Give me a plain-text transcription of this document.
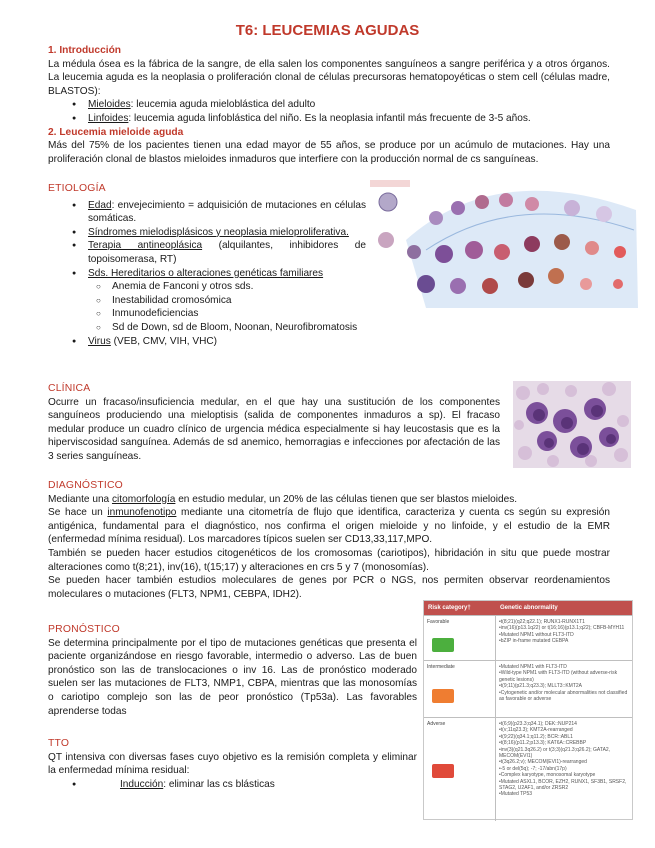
T6: LEUCEMIAS AGUDAS
1. Introducción
La médula ósea es la fábrica de la sangre, de ella salen los componentes sanguíneos a sangre periférica y a otros órganos. La leucemia aguda es la neoplasia o proliferación clonal de células precursoras hematopoyéticas o stem cell (células madre, BLASTOS):
● Mieloides: leucemia aguda mieloblástica del adulto
● Linfoides: leucemia aguda linfoblástica del niño. Es la neoplasia infantil más frecuente de 3-5 años.
2. Leucemia mieloide aguda
Más del 75% de los pacientes tienen una edad mayor de 55 años, se produce por un acúmulo de mutaciones. Hay una proliferación clonal de blastos mieloides inmaduros que interfiere con la producción normal de cs sanguíneas.
ETIOLOGÍA
● Edad: envejecimiento = adquisición de mutaciones en células somáticas.
● Síndromes mielodisplásicos y neoplasia mieloproliferativa.
● Terapia antineoplásica (alquilantes, inhibidores de topoisomerasa, RT)
● Sds. Hereditarios o alteraciones genéticas familiares
○ Anemia de Fanconi y otros sds.
○ Inestabilidad cromosómica
○ Inmunodeficiencias
○ Sd de Down, sd de Bloom, Noonan, Neurofibromatosis
● Virus (VEB, CMV, VIH, VHC)
CLÍNICA
Ocurre un fracaso/insuficiencia medular, en el que hay una sustitución de los componentes sanguíneos produciendo una mieloptisis (salida de componentes inmaduros a sp). El fracaso medular produce un cuadro clínico de urgencia médica especialmente si hay leucostasis que es la hiperviscosidad sanguínea. Además de sd anemico, hemorragias e infecciones por afectación de las 3 series sanguíneas.
DIAGNÓSTICO
Mediante una citomorfología en estudio medular, un 20% de las células tienen que ser blastos mieloides.
Se hace un inmunofenotipo mediante una citometría de flujo que identifica, caracteriza y cuenta cs según su expresión antigénica, fundamental para el diagnóstico, nos confirma el origen mieloide y no linfoide, y el estudio de la EMR (enfermedad mínima residual). Los marcadores típicos suelen ser CD13,33,117,MPO.
También se pueden hacer estudios citogenéticos de los cromosomas (cariotipos), hibridación in situ que puede mostrar alteraciones como t(8;21), inv(16), t(15;17) y alteraciones en crs 5 y 7 (monosomías).
Se pueden hacer también estudios moleculares de genes por PCR o NGS, nos permiten observar reordenamientos moleculares o mutaciones (FLT3, NPM1, CEBPA, IDH2).
PRONÓSTICO
Se determina principalmente por el tipo de mutaciones genéticas que presenta el paciente organizándose en riesgo favorable, intermedio o adverso. Las de buen pronóstico son las de translocaciones o inv 16. Las de pronóstico moderado suelen ser las mutaciones de FLT3, NMP1, CBPA, mientras que las monosomías o cariotipo complejo son las de peor pronóstico (Tp53a). Las favorables aprenderse todas
TTO
QT intensiva con diversas fases cuyo objetivo es la remisión completa y eliminar la enfermedad mínima residual:
● Inducción: eliminar las cs blásticas
Risk category†	Genetic abnormality
Favorable	• t(8;21)(q22;q22.1); RUNX1-RUNX1T1
• inv(16)(p13.1q22) or t(16;16)(p13.1;q22); CBFB-MYH11
• Mutated NPM1 without FLT3-ITD
• bZIP in-frame mutated CEBPA
Intermediate	• Mutated NPM1 with FLT3-ITD
• Wild-type NPM1 with FLT3-ITD (without adverse-risk genetic lesions)
• t(9;11)(p21.3;q23.3); MLLT3::KMT2A
• Cytogenetic and/or molecular abnormalities not classified as favorable or adverse
Adverse	• t(6;9)(p23.3;q34.1); DEK::NUP214
• t(v;11q23.3); KMT2A-rearranged
• t(9;22)(q34.1;q11.2); BCR::ABL1
• t(8;16)(p11.2;p13.3); KAT6A::CREBBP
• inv(3)(q21.3q26.2) or t(3;3)(q21.3;q26.2); GATA2, MECOM(EVI1)
• t(3q26.2;v); MECOM(EVI1)-rearranged
• -5 or del(5q); -7; -17/abn(17p)
• Complex karyotype, monosomal karyotype
• Mutated ASXL1, BCOR, EZH2, RUNX1, SF3B1, SRSF2, STAG2, U2AF1, and/or ZRSR2
• Mutated TP53
